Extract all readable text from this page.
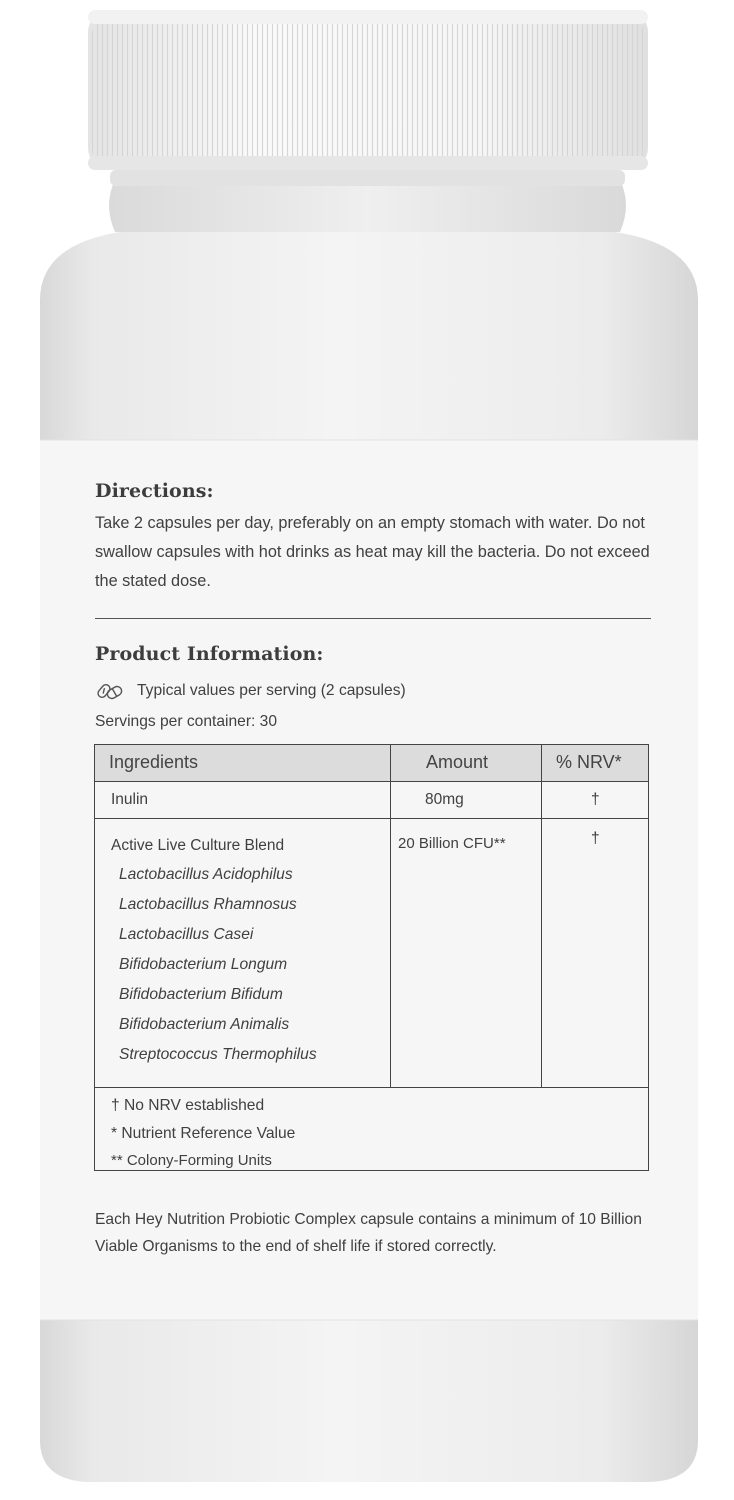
Directions:

Take 2 capsules per day, preferably on an empty stomach with water. Do not swallow capsules with hot drinks as heat may kill the bacteria. Do not exceed the stated dose.

Product Information:
Typical values per serving (2 capsules)
Servings per container: 30
Ingredients	Amount	% NRV*
Inulin	80mg	†
Active Live Culture Blend	20 Billion CFU**	†
Lactobacillus Acidophilus
Lactobacillus Rhamnosus
Lactobacillus Casei
Bifidobacterium Longum
Bifidobacterium Bifidum
Bifidobacterium Animalis
Streptococcus Thermophilus
† No NRV established
* Nutrient Reference Value
** Colony-Forming Units

Each Hey Nutrition Probiotic Complex capsule contains a minimum of 10 Billion Viable Organisms to the end of shelf life if stored correctly.
